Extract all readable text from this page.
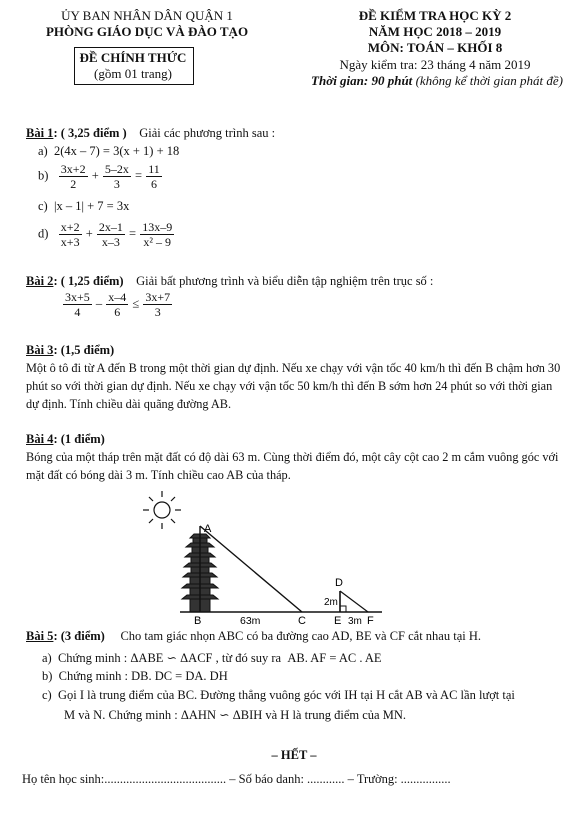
ỦY BAN NHÂN DÂN QUẬN 1
PHÒNG GIÁO DỤC VÀ ĐÀO TẠO
ĐỀ CHÍNH THỨC
(gồm 01 trang)
ĐỀ KIỂM TRA HỌC KỲ 2
NĂM HỌC 2018 – 2019
MÔN: TOÁN – KHỐI 8
Ngày kiểm tra: 23 tháng 4 năm 2019
Thời gian: 90 phút (không kể thời gian phát đề)
Bài 1: ( 3,25 điểm ) Giải các phương trình sau :
a) 2(4x – 7) = 3(x + 1) + 18
$b) \frac{3x+2}{2} + \frac{5-2x}{3} = \frac{11}{6}$
c) |x – 1| + 7 = 3x
$d) \frac{x+2}{x+3} + \frac{2x-1}{x-3} = \frac{13x-9}{\text{x² – 9}}$
Bài 2: ( 1,25 điểm) Giải bất phương trình và biểu diễn tập nghiệm trên trục số :
$\frac{3x+5}{4} - \frac{x-4}{6} \le \frac{3x+7}{3}$
Bài 3: (1,5 điểm)
Một ô tô đi từ A đến B trong một thời gian dự định. Nếu xe chạy với vận tốc 40 km/h thì đến B chậm hơn 30 phút so với thời gian dự định. Nếu xe chạy với vận tốc 50 km/h thì đến B sớm hơn 24 phút so với thời gian dự định. Tính chiều dài quãng đường AB.
Bài 4: (1 điểm)
Bóng của một tháp trên mặt đất có độ dài 63 m. Cùng thời điểm đó, một cây cột cao 2 m cắm vuông góc với mặt đất có bóng dài 3 m. Tính chiều cao AB của tháp.
A
B	C
63m
D
2m
E 3m F
Bài 5: (3 điểm) Cho tam giác nhọn ABC có ba đường cao AD, BE và CF cắt nhau tại H.
a) Chứng minh : ΔABE ∽ ΔACF , từ đó suy ra AB. AF = AC . AE
b) Chứng minh : DB. DC = DA. DH
c) Gọi I là trung điểm của BC. Đường thẳng vuông góc với IH tại H cắt AB và AC lần lượt tại
M và N. Chứng minh : ΔAHN ∽ ΔBIH và H là trung điểm của MN.
– HẾT –
Họ tên học sinh:....................................... – Số báo danh: ............ – Trường: ................
